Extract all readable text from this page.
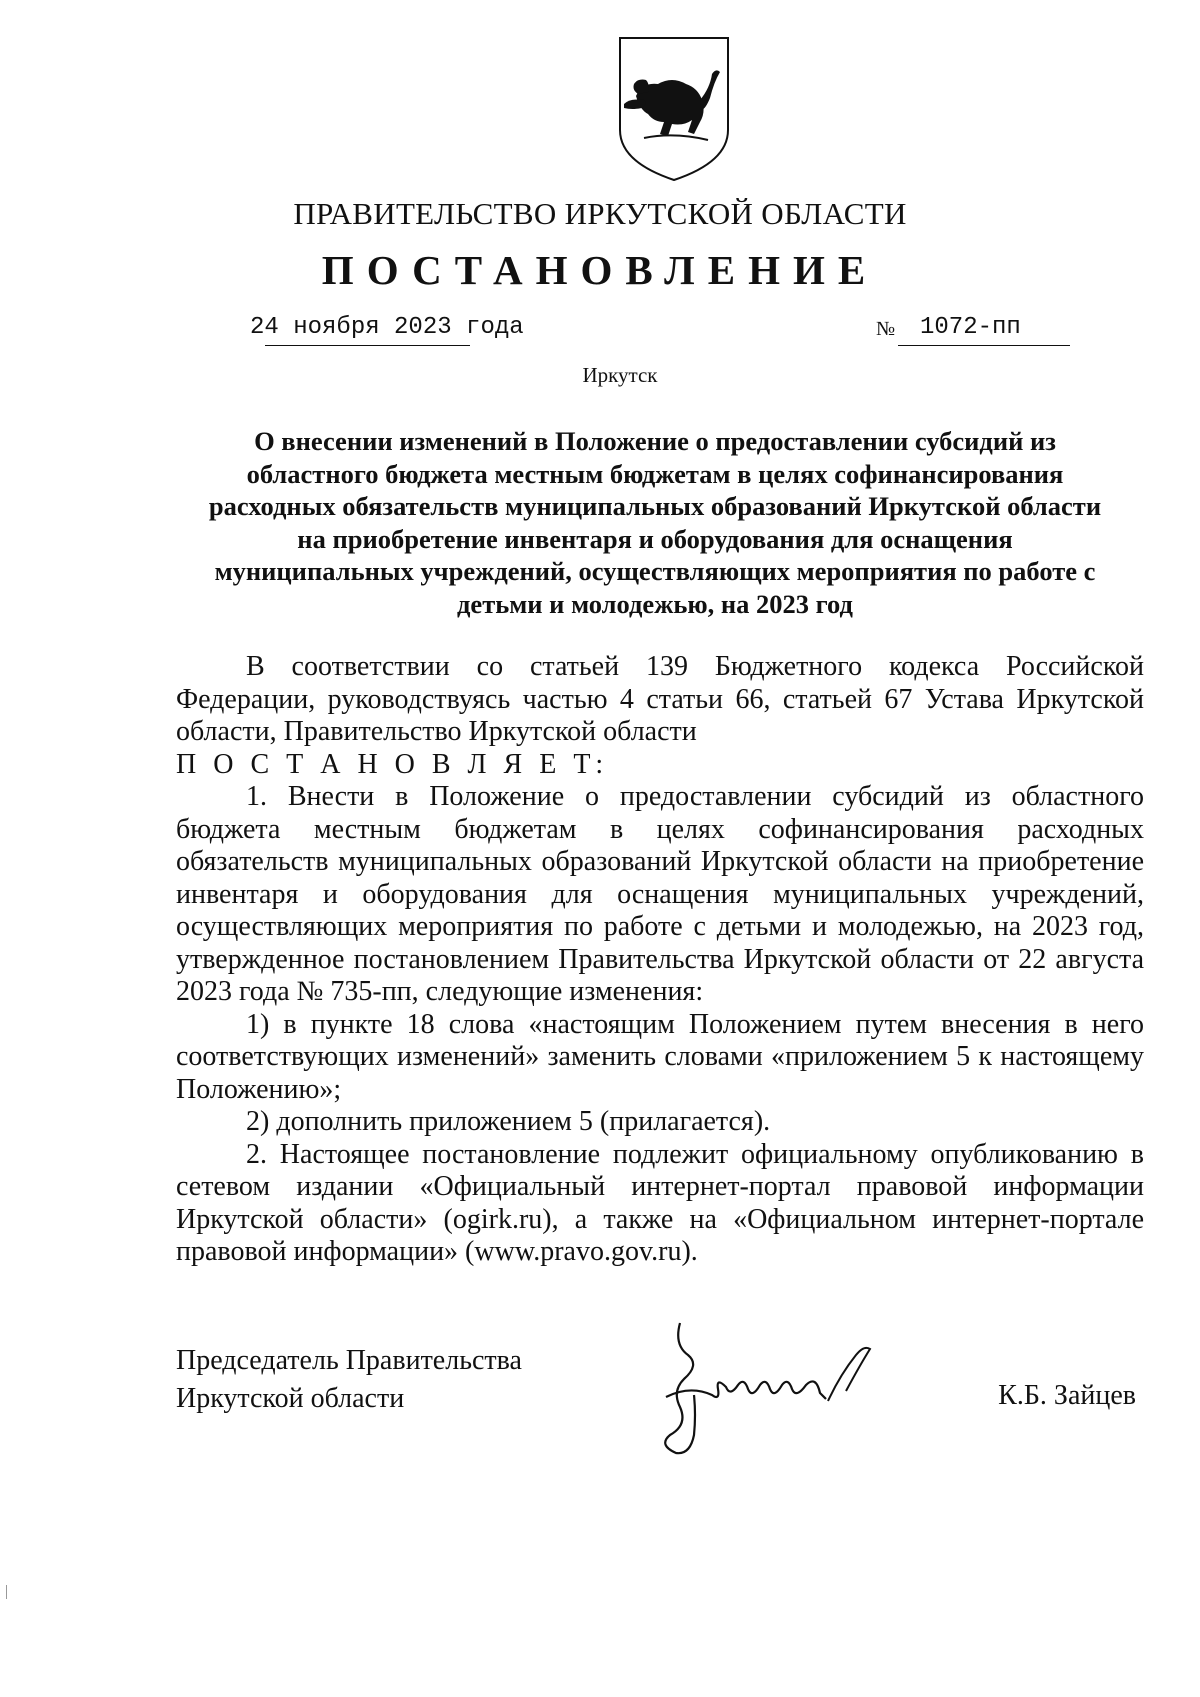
ПРАВИТЕЛЬСТВО ИРКУТСКОЙ ОБЛАСТИ
ПОСТАНОВЛЕНИЕ
24 ноября 2023 года	№ 1072-пп
Иркутск
О внесении изменений в Положение о предоставлении субсидий из
областного бюджета местным бюджетам в целях софинансирования
расходных обязательств муниципальных образований Иркутской области
на приобретение инвентаря и оборудования для оснащения
муниципальных учреждений, осуществляющих мероприятия по работе с
детьми и молодежью, на 2023 год

В соответствии со статьей 139 Бюджетного кодекса Российской Федерации, руководствуясь частью 4 статьи 66, статьей 67 Устава Иркутской области, Правительство Иркутской области

П О С Т А Н О В Л Я Е Т:

1. Внести в Положение о предоставлении субсидий из областного бюджета местным бюджетам в целях софинансирования расходных обязательств муниципальных образований Иркутской области на приобретение инвентаря и оборудования для оснащения муниципальных учреждений, осуществляющих мероприятия по работе с детьми и молодежью, на 2023 год, утвержденное постановлением Правительства Иркутской области от 22 августа 2023 года № 735-пп, следующие изменения:

1) в пункте 18 слова «настоящим Положением путем внесения в него соответствующих изменений» заменить словами «приложением 5 к настоящему Положению»;

2) дополнить приложением 5 (прилагается).

2. Настоящее постановление подлежит официальному опубликованию в сетевом издании «Официальный интернет-портал правовой информации Иркутской области» (ogirk.ru), а также на «Официальном интернет-портале правовой информации» (www.pravo.gov.ru).

Председатель Правительства
Иркутской области	К.Б. Зайцев
